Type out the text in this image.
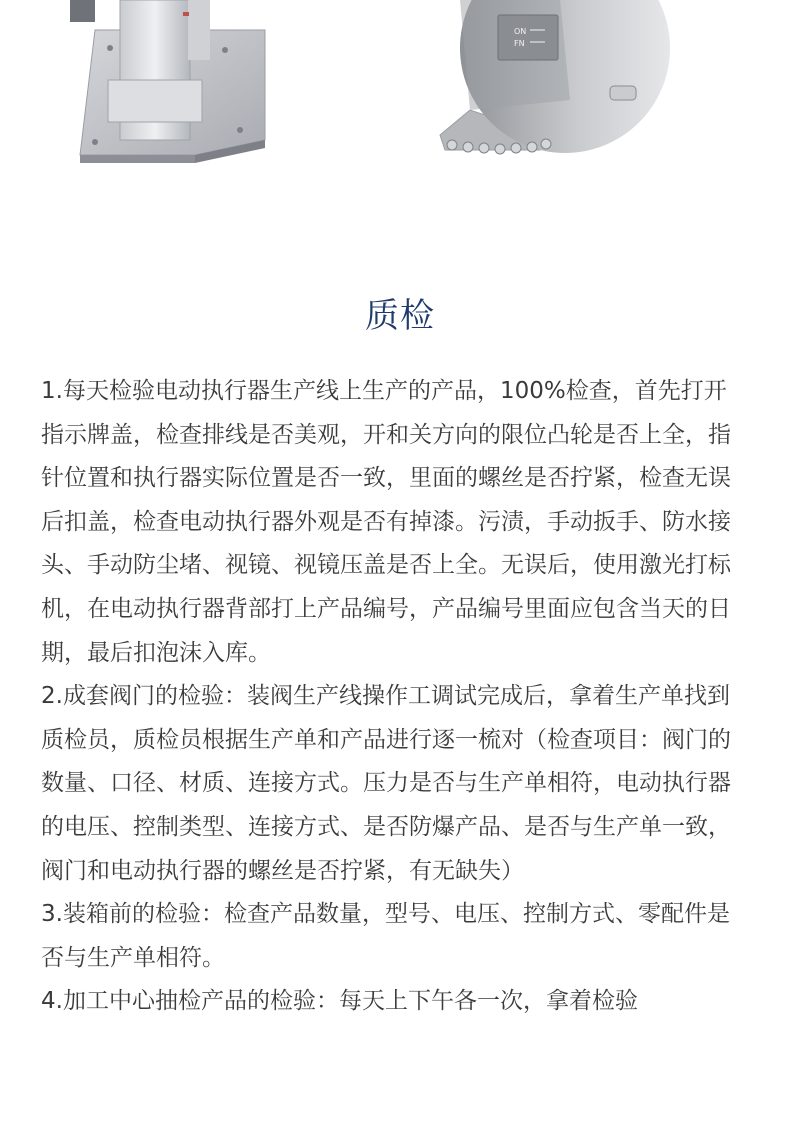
ON
FN
质检

1.每天检验电动执行器生产线上生产的产品，100%检查，首先打开指示牌盖，检查排线是否美观，开和关方向的限位凸轮是否上全，指针位置和执行器实际位置是否一致，里面的螺丝是否拧紧，检查无误后扣盖，检查电动执行器外观是否有掉漆。污渍，手动扳手、防水接头、手动防尘堵、视镜、视镜压盖是否上全。无误后，使用激光打标机，在电动执行器背部打上产品编号，产品编号里面应包含当天的日期，最后扣泡沫入库。

2.成套阀门的检验：装阀生产线操作工调试完成后，拿着生产单找到质检员，质检员根据生产单和产品进行逐一梳对（检查项目：阀门的数量、口径、材质、连接方式。压力是否与生产单相符，电动执行器的电压、控制类型、连接方式、是否防爆产品、是否与生产单一致，阀门和电动执行器的螺丝是否拧紧，有无缺失）

3.装箱前的检验：检查产品数量，型号、电压、控制方式、零配件是否与生产单相符。

4.加工中心抽检产品的检验：每天上下午各一次，拿着检验
